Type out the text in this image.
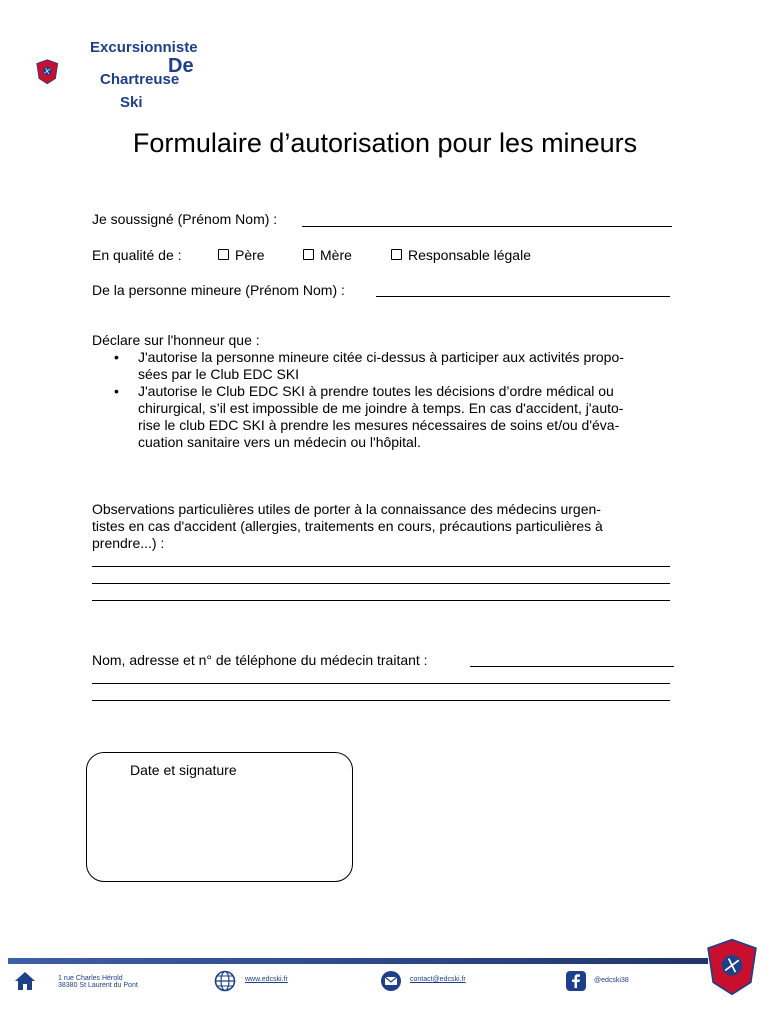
Excursionniste
De
Chartreuse
Ski
Formulaire d’autorisation pour les mineurs
Je soussigné (Prénom Nom) :
En qualité de :	Père	Mère	Responsable légale
De la personne mineure (Prénom Nom) :
Déclare sur l'honneur que :
• J'autorise la personne mineure citée ci-dessus à participer aux activités propo-
sées par le Club EDC SKI
• J'autorise le Club EDC SKI à prendre toutes les décisions d’ordre médical ou
chirurgical, s’il est impossible de me joindre à temps. En cas d'accident, j'auto-
rise le club EDC SKI à prendre les mesures nécessaires de soins et/ou d'éva-
cuation sanitaire vers un médecin ou l'hôpital.
Observations particulières utiles de porter à la connaissance des médecins urgen-
tistes en cas d'accident (allergies, traitements en cours, précautions particulières à
prendre...) :
Nom, adresse et n° de téléphone du médecin traitant :
Date et signature
1 rue Charles Hérold
38380 St Laurent du Pont
www.edcski.fr	contact@edcski.fr	@edcski38
